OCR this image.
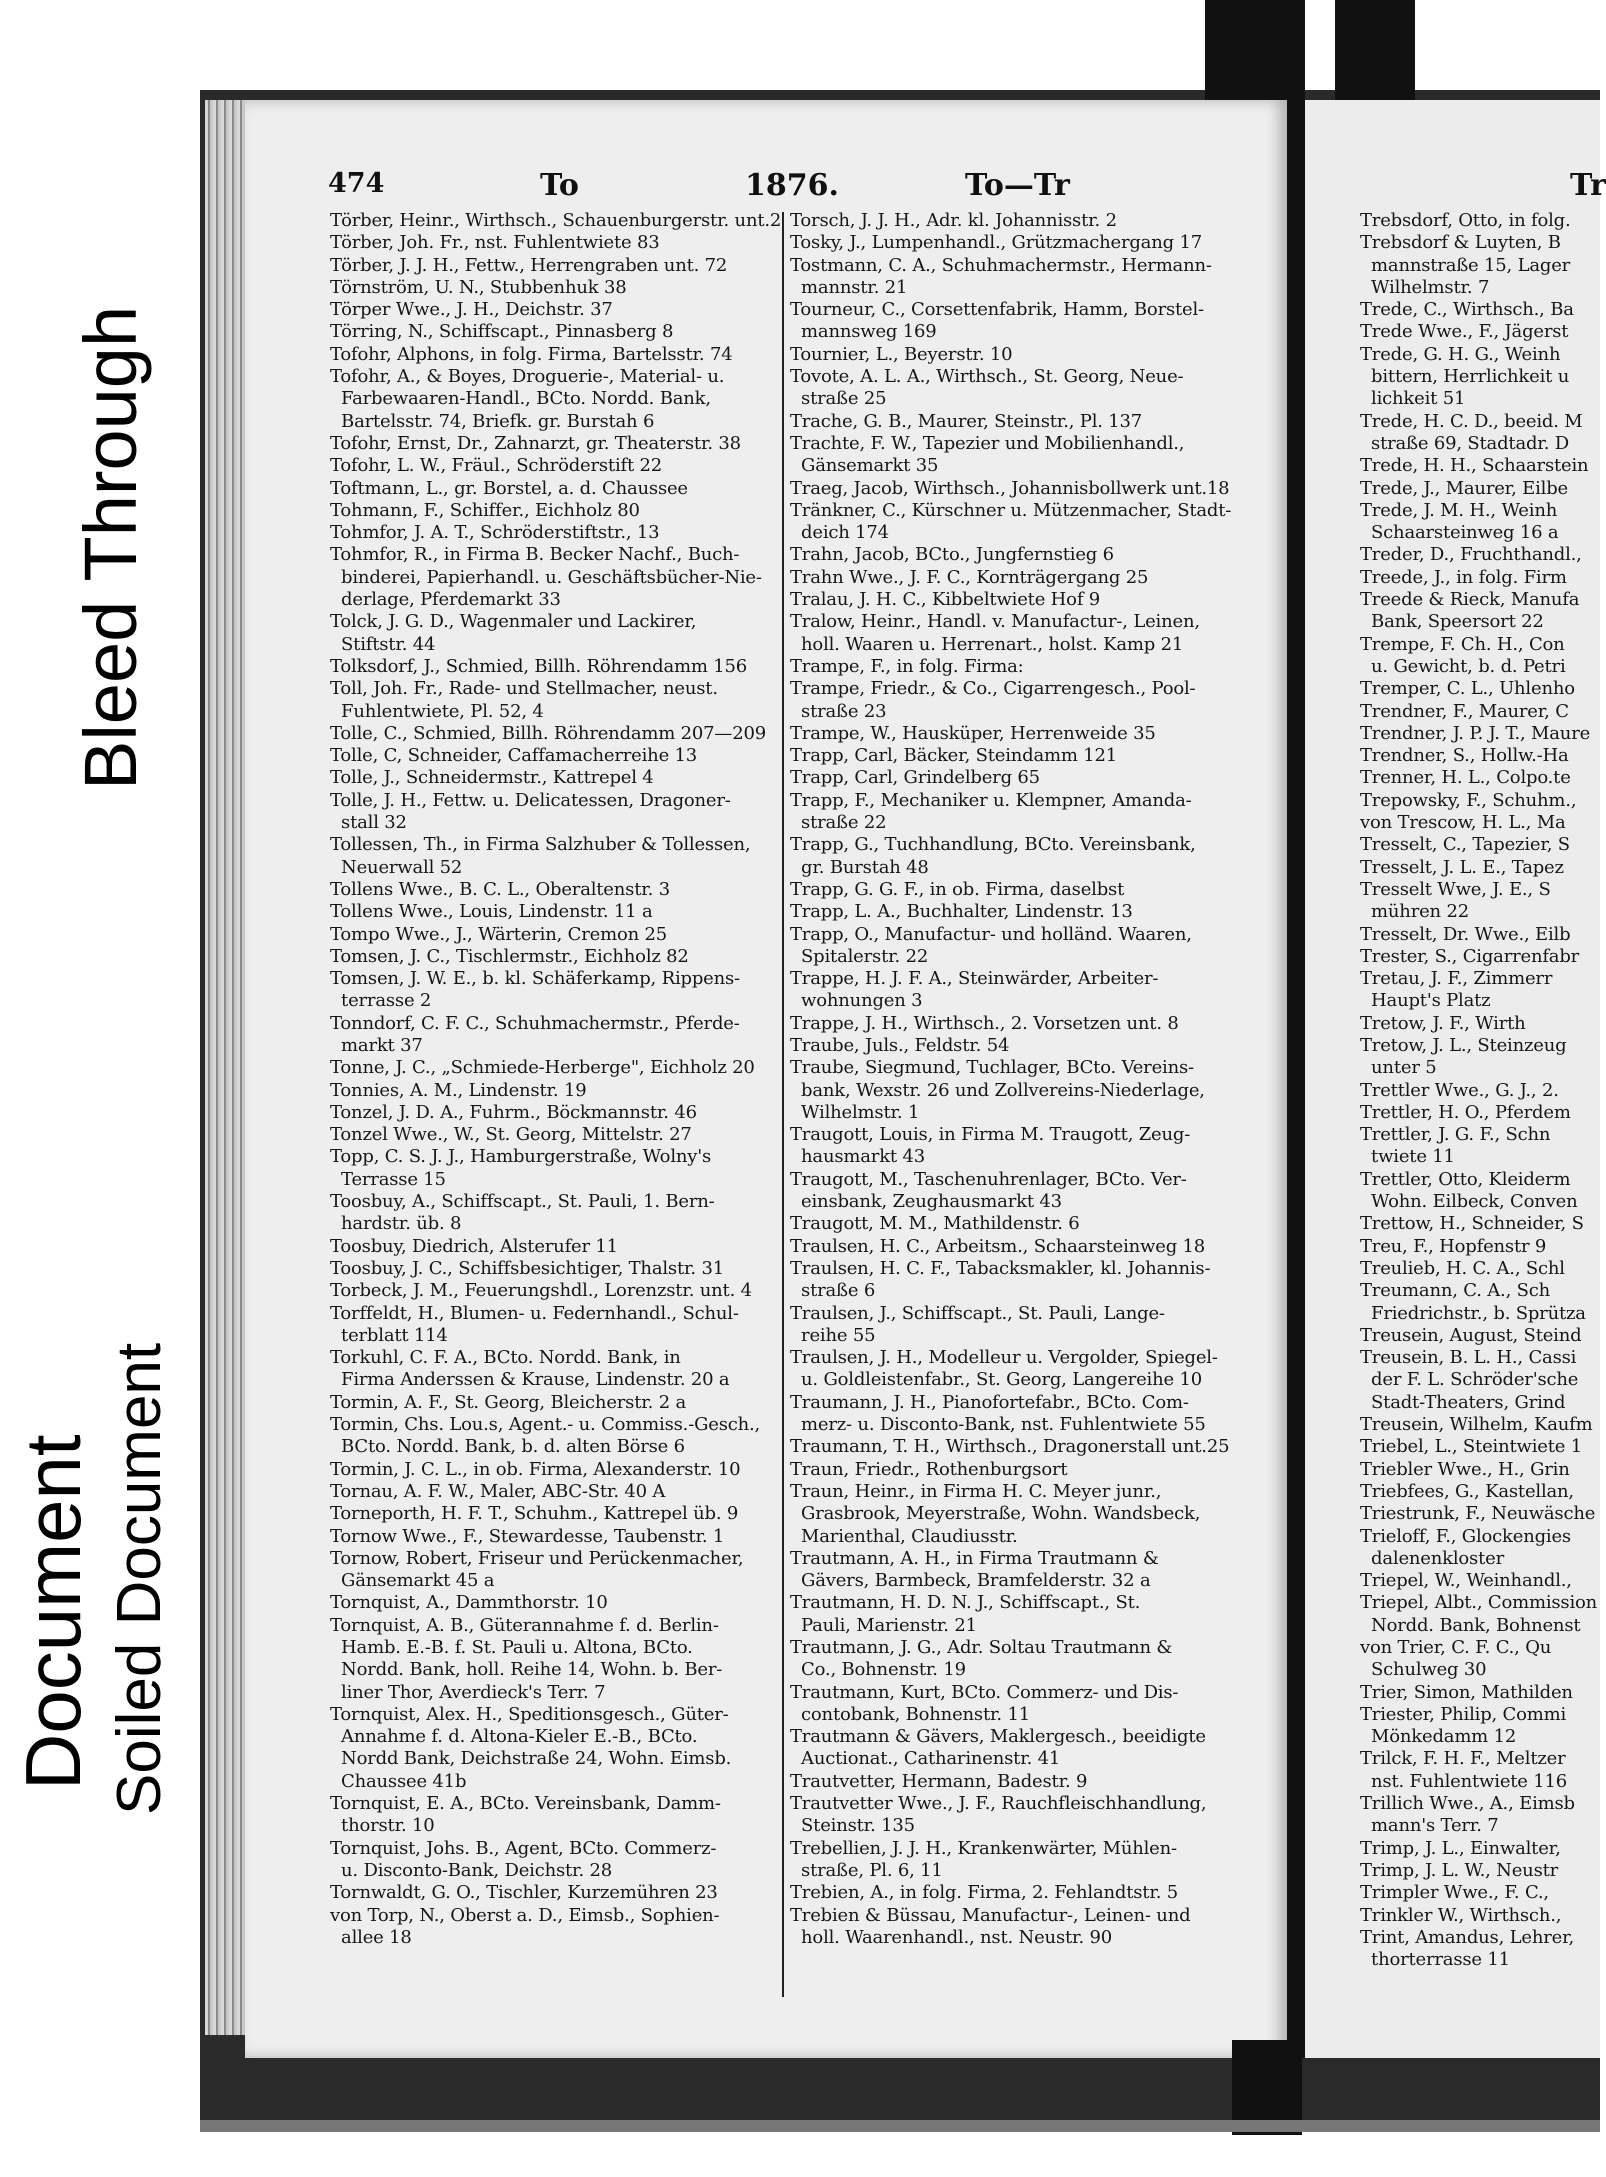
Bleed Through
Document Soiled Document
474	To	1876.	To—Tr	Tr
Törber, Heinr., Wirthsch., Schauenburgerstr. unt.2
Törber, Joh. Fr., nst. Fuhlentwiete 83
Törber, J. J. H., Fettw., Herrengraben unt. 72
Törnström, U. N., Stubbenhuk 38
Törper Wwe., J. H., Deichstr. 37
Törring, N., Schiffscapt., Pinnasberg 8
Tofohr, Alphons, in folg. Firma, Bartelsstr. 74
Tofohr, A., & Boyes, Droguerie-, Material- u.
Farbewaaren-Handl., BCto. Nordd. Bank,
Bartelsstr. 74, Briefk. gr. Burstah 6
Tofohr, Ernst, Dr., Zahnarzt, gr. Theaterstr. 38
Tofohr, L. W., Fräul., Schröderstift 22
Toftmann, L., gr. Borstel, a. d. Chaussee
Tohmann, F., Schiffer., Eichholz 80
Tohmfor, J. A. T., Schröderstiftstr., 13
Tohmfor, R., in Firma B. Becker Nachf., Buch-
binderei, Papierhandl. u. Geschäftsbücher-Nie-
derlage, Pferdemarkt 33
Tolck, J. G. D., Wagenmaler und Lackirer,
Stiftstr. 44
Tolksdorf, J., Schmied, Billh. Röhrendamm 156
Toll, Joh. Fr., Rade- und Stellmacher, neust.
Fuhlentwiete, Pl. 52, 4
Tolle, C., Schmied, Billh. Röhrendamm 207—209
Tolle, C, Schneider, Caffamacherreihe 13
Tolle, J., Schneidermstr., Kattrepel 4
Tolle, J. H., Fettw. u. Delicatessen, Dragoner-
stall 32
Tollessen, Th., in Firma Salzhuber & Tollessen,
Neuerwall 52
Tollens Wwe., B. C. L., Oberaltenstr. 3
Tollens Wwe., Louis, Lindenstr. 11 a
Tompo Wwe., J., Wärterin, Cremon 25
Tomsen, J. C., Tischlermstr., Eichholz 82
Tomsen, J. W. E., b. kl. Schäferkamp, Rippens-
terrasse 2
Tonndorf, C. F. C., Schuhmachermstr., Pferde-
markt 37
Tonne, J. C., „Schmiede-Herberge", Eichholz 20
Tonnies, A. M., Lindenstr. 19
Tonzel, J. D. A., Fuhrm., Böckmannstr. 46
Tonzel Wwe., W., St. Georg, Mittelstr. 27
Topp, C. S. J. J., Hamburgerstraße, Wolny's
Terrasse 15
Toosbuy, A., Schiffscapt., St. Pauli, 1. Bern-
hardstr. üb. 8
Toosbuy, Diedrich, Alsterufer 11
Toosbuy, J. C., Schiffsbesichtiger, Thalstr. 31
Torbeck, J. M., Feuerungshdl., Lorenzstr. unt. 4
Torffeldt, H., Blumen- u. Federnhandl., Schul-
terblatt 114
Torkuhl, C. F. A., BCto. Nordd. Bank, in
Firma Anderssen & Krause, Lindenstr. 20 a
Tormin, A. F., St. Georg, Bleicherstr. 2 a
Tormin, Chs. Lou.s, Agent.- u. Commiss.-Gesch.,
BCto. Nordd. Bank, b. d. alten Börse 6
Tormin, J. C. L., in ob. Firma, Alexanderstr. 10
Tornau, A. F. W., Maler, ABC-Str. 40 A
Torneporth, H. F. T., Schuhm., Kattrepel üb. 9
Tornow Wwe., F., Stewardesse, Taubenstr. 1
Tornow, Robert, Friseur und Perückenmacher,
Gänsemarkt 45 a
Tornquist, A., Dammthorstr. 10
Tornquist, A. B., Güterannahme f. d. Berlin-
Hamb. E.-B. f. St. Pauli u. Altona, BCto.
Nordd. Bank, holl. Reihe 14, Wohn. b. Ber-
liner Thor, Averdieck's Terr. 7
Tornquist, Alex. H., Speditionsgesch., Güter-
Annahme f. d. Altona-Kieler E.-B., BCto.
Nordd Bank, Deichstraße 24, Wohn. Eimsb.
Chaussee 41b
Tornquist, E. A., BCto. Vereinsbank, Damm-
thorstr. 10
Tornquist, Johs. B., Agent, BCto. Commerz-
u. Disconto-Bank, Deichstr. 28
Tornwaldt, G. O., Tischler, Kurzemühren 23
von Torp, N., Oberst a. D., Eimsb., Sophien-
allee 18
Torsch, J. J. H., Adr. kl. Johannisstr. 2
Tosky, J., Lumpenhandl., Grützmachergang 17
Tostmann, C. A., Schuhmachermstr., Hermann-
mannstr. 21
Tourneur, C., Corsettenfabrik, Hamm, Borstel-
mannsweg 169
Tournier, L., Beyerstr. 10
Tovote, A. L. A., Wirthsch., St. Georg, Neue-
straße 25
Trache, G. B., Maurer, Steinstr., Pl. 137
Trachte, F. W., Tapezier und Mobilienhandl.,
Gänsemarkt 35
Traeg, Jacob, Wirthsch., Johannisbollwerk unt.18
Tränkner, C., Kürschner u. Mützenmacher, Stadt-
deich 174
Trahn, Jacob, BCto., Jungfernstieg 6
Trahn Wwe., J. F. C., Kornträgergang 25
Tralau, J. H. C., Kibbeltwiete Hof 9
Tralow, Heinr., Handl. v. Manufactur-, Leinen,
holl. Waaren u. Herrenart., holst. Kamp 21
Trampe, F., in folg. Firma:
Trampe, Friedr., & Co., Cigarrengesch., Pool-
straße 23
Trampe, W., Hausküper, Herrenweide 35
Trapp, Carl, Bäcker, Steindamm 121
Trapp, Carl, Grindelberg 65
Trapp, F., Mechaniker u. Klempner, Amanda-
straße 22
Trapp, G., Tuchhandlung, BCto. Vereinsbank,
gr. Burstah 48
Trapp, G. G. F., in ob. Firma, daselbst
Trapp, L. A., Buchhalter, Lindenstr. 13
Trapp, O., Manufactur- und holländ. Waaren,
Spitalerstr. 22
Trappe, H. J. F. A., Steinwärder, Arbeiter-
wohnungen 3
Trappe, J. H., Wirthsch., 2. Vorsetzen unt. 8
Traube, Juls., Feldstr. 54
Traube, Siegmund, Tuchlager, BCto. Vereins-
bank, Wexstr. 26 und Zollvereins-Niederlage,
Wilhelmstr. 1
Traugott, Louis, in Firma M. Traugott, Zeug-
hausmarkt 43
Traugott, M., Taschenuhrenlager, BCto. Ver-
einsbank, Zeughausmarkt 43
Traugott, M. M., Mathildenstr. 6
Traulsen, H. C., Arbeitsm., Schaarsteinweg 18
Traulsen, H. C. F., Tabacksmakler, kl. Johannis-
straße 6
Traulsen, J., Schiffscapt., St. Pauli, Lange-
reihe 55
Traulsen, J. H., Modelleur u. Vergolder, Spiegel-
u. Goldleistenfabr., St. Georg, Langereihe 10
Traumann, J. H., Pianofortefabr., BCto. Com-
merz- u. Disconto-Bank, nst. Fuhlentwiete 55
Traumann, T. H., Wirthsch., Dragonerstall unt.25
Traun, Friedr., Rothenburgsort
Traun, Heinr., in Firma H. C. Meyer junr.,
Grasbrook, Meyerstraße, Wohn. Wandsbeck,
Marienthal, Claudiusstr.
Trautmann, A. H., in Firma Trautmann &
Gävers, Barmbeck, Bramfelderstr. 32 a
Trautmann, H. D. N. J., Schiffscapt., St.
Pauli, Marienstr. 21
Trautmann, J. G., Adr. Soltau Trautmann &
Co., Bohnenstr. 19
Trautmann, Kurt, BCto. Commerz- und Dis-
contobank, Bohnenstr. 11
Trautmann & Gävers, Maklergesch., beeidigte
Auctionat., Catharinenstr. 41
Trautvetter, Hermann, Badestr. 9
Trautvetter Wwe., J. F., Rauchfleischhandlung,
Steinstr. 135
Trebellien, J. J. H., Krankenwärter, Mühlen-
straße, Pl. 6, 11
Trebien, A., in folg. Firma, 2. Fehlandtstr. 5
Trebien & Büssau, Manufactur-, Leinen- und
holl. Waarenhandl., nst. Neustr. 90
Trebsdorf, Otto, in folg.
Trebsdorf & Luyten, B
mannstraße 15, Lager
Wilhelmstr. 7
Trede, C., Wirthsch., Ba
Trede Wwe., F., Jägerst
Trede, G. H. G., Weinh
bittern, Herrlichkeit u
lichkeit 51
Trede, H. C. D., beeid. M
straße 69, Stadtadr. D
Trede, H. H., Schaarstein
Trede, J., Maurer, Eilbe
Trede, J. M. H., Weinh
Schaarsteinweg 16 a
Treder, D., Fruchthandl.,
Treede, J., in folg. Firm
Treede & Rieck, Manufa
Bank, Speersort 22
Trempe, F. Ch. H., Con
u. Gewicht, b. d. Petri
Tremper, C. L., Uhlenho
Trendner, F., Maurer, C
Trendner, J. P. J. T., Maure
Trendner, S., Hollw.-Ha
Trenner, H. L., Colpo.te
Trepowsky, F., Schuhm.,
von Trescow, H. L., Ma
Tresselt, C., Tapezier, S
Tresselt, J. L. E., Tapez
Tresselt Wwe, J. E., S
mühren 22
Tresselt, Dr. Wwe., Eilb
Trester, S., Cigarrenfabr
Tretau, J. F., Zimmerr
Haupt's Platz
Tretow, J. F., Wirth
Tretow, J. L., Steinzeug
unter 5
Trettler Wwe., G. J., 2.
Trettler, H. O., Pferdem
Trettler, J. G. F., Schn
twiete 11
Trettler, Otto, Kleiderm
Wohn. Eilbeck, Conven
Trettow, H., Schneider, S
Treu, F., Hopfenstr 9
Treulieb, H. C. A., Schl
Treumann, C. A., Sch
Friedrichstr., b. Sprütza
Treusein, August, Steind
Treusein, B. L. H., Cassi
der F. L. Schröder'sche
Stadt-Theaters, Grind
Treusein, Wilhelm, Kaufm
Triebel, L., Steintwiete 1
Triebler Wwe., H., Grin
Triebfees, G., Kastellan,
Triestrunk, F., Neuwäsche
Trieloff, F., Glockengies
dalenenkloster
Triepel, W., Weinhandl.,
Triepel, Albt., Commission
Nordd. Bank, Bohnenst
von Trier, C. F. C., Qu
Schulweg 30
Trier, Simon, Mathilden
Triester, Philip, Commi
Mönkedamm 12
Trilck, F. H. F., Meltzer
nst. Fuhlentwiete 116
Trillich Wwe., A., Eimsb
mann's Terr. 7
Trimp, J. L., Einwalter,
Trimp, J. L. W., Neustr
Trimpler Wwe., F. C.,
Trinkler W., Wirthsch.,
Trint, Amandus, Lehrer,
thorterrasse 11
